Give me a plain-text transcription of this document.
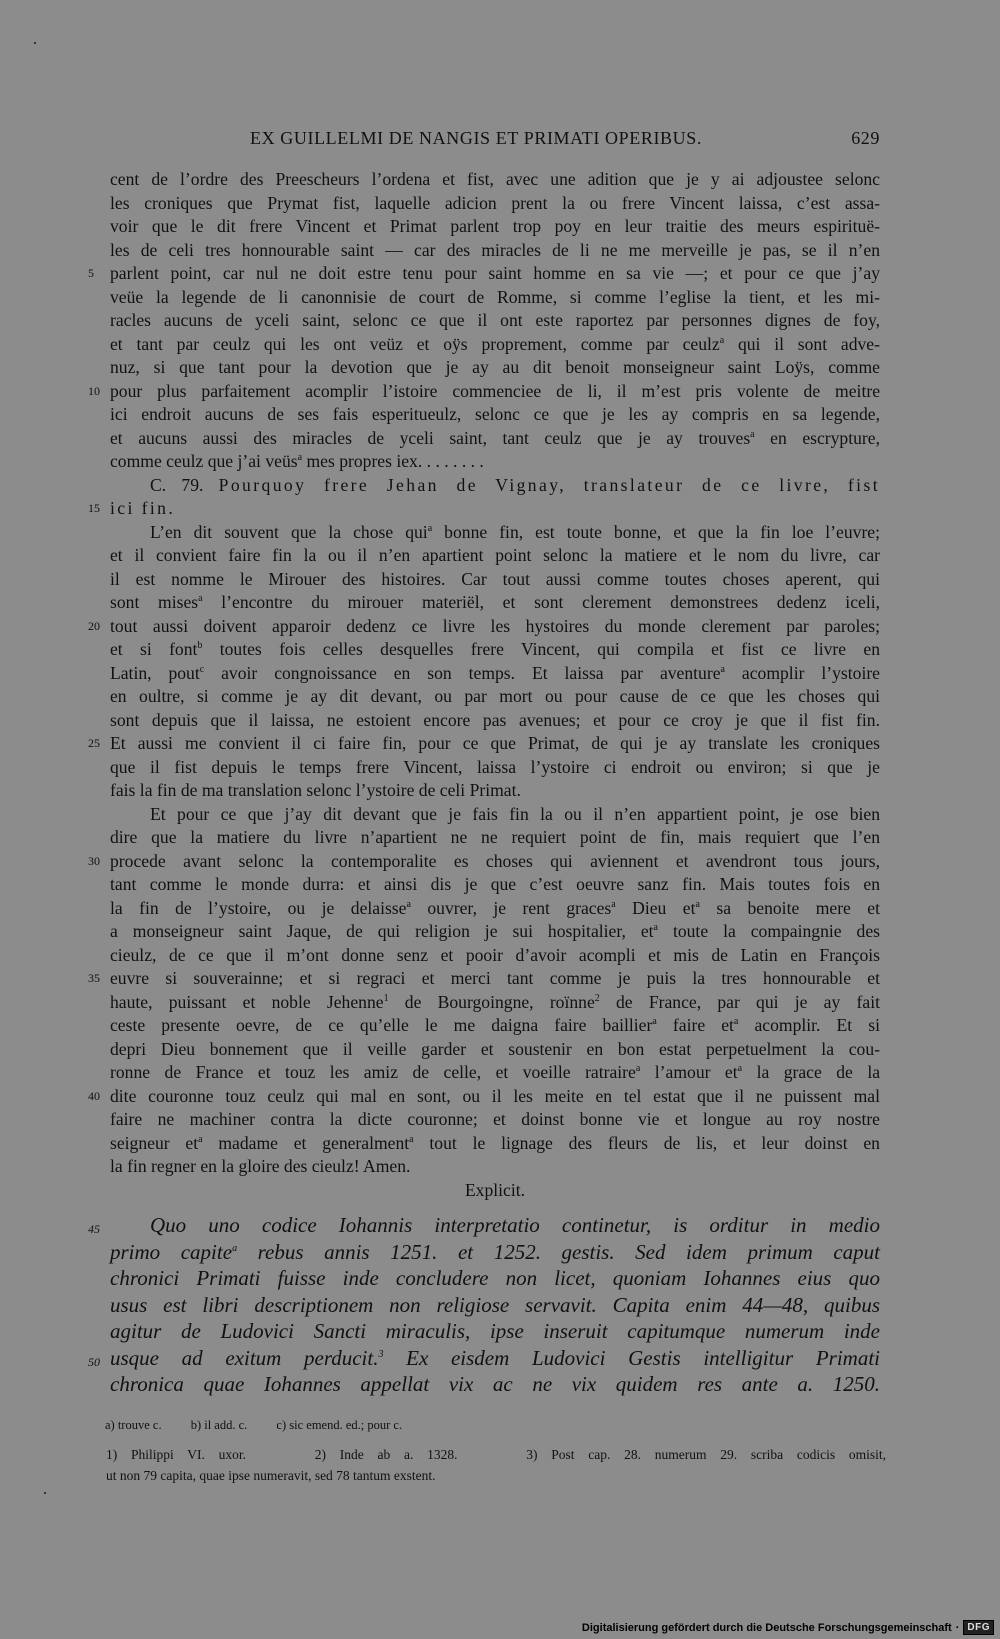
EX GUILLELMI DE NANGIS ET PRIMATI OPERIBUS.	629
cent de l’ordre des Preescheurs l’ordena et fist, avec une adition que je y ai adjoustee selonc
les croniques que Prymat fist, laquelle adicion prent la ou frere Vincent laissa, c’est assa-
voir que le dit frere Vincent et Primat parlent trop poy en leur traitie des meurs espirituë-
les de celi tres honnourable saint — car des miracles de li ne me merveille je pas, se il n’en
5 parlent point, car nul ne doit estre tenu pour saint homme en sa vie —; et pour ce que j’ay
veüe la legende de li canonnisie de court de Romme, si comme l’eglise la tient, et les mi-
racles aucuns de yceli saint, selonc ce que il ont este raportez par personnes dignes de foy,
et tant par ceulz qui les ont veüz et oÿs proprement, comme par ceulz$^a$ qui il sont adve-
nuz, si que tant pour la devotion que je ay au dit benoit monseigneur saint Loÿs, comme
10 pour plus parfaitement acomplir l’istoire commenciee de li, il m’est pris volente de meitre
ici endroit aucuns de ses fais esperitueulz, selonc ce que je les ay compris en sa legende,
et aucuns aussi des miracles de yceli saint, tant ceulz que je ay trouves$^a$ en escrypture,
comme ceulz que j’ai veüs$^a$ mes propres iex. . . . . . . .
C. 79. Pourquoy frere Jehan de Vignay, translateur de ce livre, fist
15 ici fin.
L’en dit souvent que la chose qui$^a$ bonne fin, est toute bonne, et que la fin loe l’euvre;
et il convient faire fin la ou il n’en apartient point selonc la matiere et le nom du livre, car
il est nomme le Mirouer des histoires. Car tout aussi comme toutes choses aperent, qui
sont mises$^a$ l’encontre du mirouer materiël, et sont clerement demonstrees dedenz iceli,
20 tout aussi doivent apparoir dedenz ce livre les hystoires du monde clerement par paroles;
et si font$^b$ toutes fois celles desquelles frere Vincent, qui compila et fist ce livre en
Latin, pout$^c$ avoir congnoissance en son temps. Et laissa par aventure$^a$ acomplir l’ystoire
en oultre, si comme je ay dit devant, ou par mort ou pour cause de ce que les choses qui
sont depuis que il laissa, ne estoient encore pas avenues; et pour ce croy je que il fist fin.
25 Et aussi me convient il ci faire fin, pour ce que Primat, de qui je ay translate les croniques
que il fist depuis le temps frere Vincent, laissa l’ystoire ci endroit ou environ; si que je
fais la fin de ma translation selonc l’ystoire de celi Primat.
Et pour ce que j’ay dit devant que je fais fin la ou il n’en appartient point, je ose bien
dire que la matiere du livre n’apartient ne ne requiert point de fin, mais requiert que l’en
30 procede avant selonc la contemporalite es choses qui aviennent et avendront tous jours,
tant comme le monde durra: et ainsi dis je que c’est oeuvre sanz fin. Mais toutes fois en
la fin de l’ystoire, ou je delaisse$^a$ ouvrer, je rent graces$^a$ Dieu $et^a$ sa benoite mere et
a monseigneur saint Jaque, de qui religion je sui hospitalier, $et^a$ toute la compaingnie des
cieulz, de ce que il m’ont donne senz et pooir d’avoir acompli et mis de Latin en François
35 euvre si souverainne; et si regraci et merci tant comme je puis la tres honnourable et
haute, puissant et noble Jehenne$^1$ de Bourgoingne, roïnne$^2$ de France, par qui je ay fait
ceste presente oevre, de ce qu’elle le me daigna faire baillier$^a$ faire $et^a$ acomplir. Et si
depri Dieu bonnement que il veille garder et soustenir en bon estat perpetuelment la cou-
ronne de France et touz les amiz de celle, et voeille ratraire$^a$ l’amour $et^a$ la grace de la
40 dite couronne touz ceulz qui mal en sont, ou il les meite en tel estat que il ne puissent mal
faire ne machiner contra la dicte couronne; et doinst bonne vie et longue au roy nostre
seigneur $et^a$ madame et generalment$^a$ tout le lignage des fleurs de lis, et leur doinst en
la fin regner en la gloire des cieulz! Amen.
Explicit.
45 Quo uno codice Iohannis interpretatio continetur, is orditur in medio
primo capite$^a$ rebus annis 1251. et 1252. gestis. Sed idem primum caput
chronici Primati fuisse inde concludere non licet, quoniam Iohannes eius quo
usus est libri descriptionem non religiose servavit. Capita enim 44—48, quibus
agitur de Ludovici Sancti miraculis, ipse inseruit capitumque numerum inde
50 usque ad exitum perducit.$^3$ Ex eisdem Ludovici Gestis intelligitur Primati
chronica quae Iohannes appellat vix ac ne vix quidem res ante a. 1250.
a) trouve c. b) il add. c. c) sic emend. ed.; pour c.
1) Philippi VI. uxor.     2) Inde ab a. 1328.     3) Post cap. 28. numerum 29. scriba codicis omisit,
ut non 79 capita, quae ipse numeravit, sed 78 tantum exstent.
Digitalisierung gefördert durch die Deutsche Forschungsgemeinschaft · DFG
